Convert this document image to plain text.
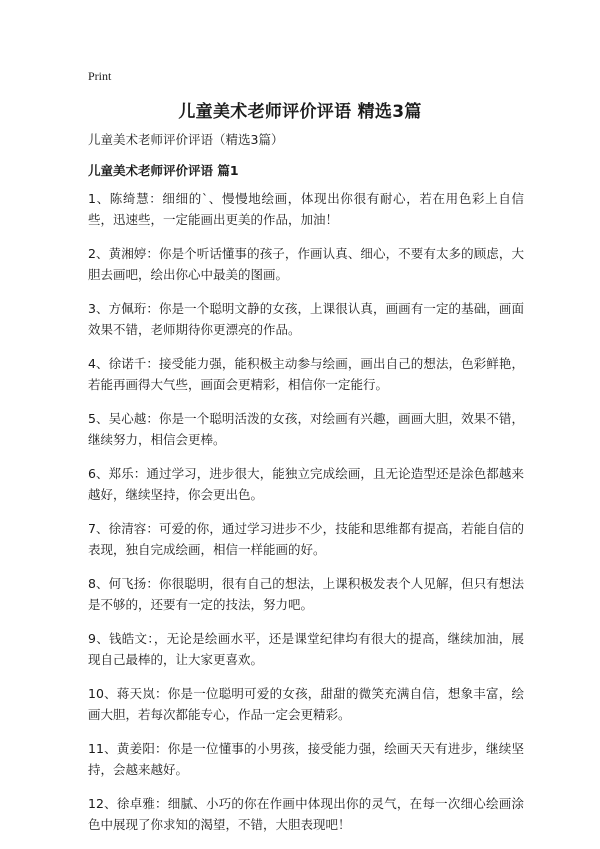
Print
儿童美术老师评价评语 精选3篇

儿童美术老师评价评语（精选3篇）

儿童美术老师评价评语 篇1

1、陈绮慧：细细的`、慢慢地绘画，体现出你很有耐心，若在用色彩上自信些，迅速些，一定能画出更美的作品，加油！

2、黄湘婷：你是个听话懂事的孩子，作画认真、细心，不要有太多的顾虑，大胆去画吧，绘出你心中最美的图画。

3、方佩珩：你是一个聪明文静的女孩，上课很认真，画画有一定的基础，画面效果不错，老师期待你更漂亮的作品。

4、徐诺千：接受能力强，能积极主动参与绘画，画出自己的想法，色彩鲜艳，若能再画得大气些，画面会更精彩，相信你一定能行。

5、吴心越：你是一个聪明活泼的女孩，对绘画有兴趣，画画大胆，效果不错，继续努力，相信会更棒。

6、郑乐：通过学习，进步很大，能独立完成绘画，且无论造型还是涂色都越来越好，继续坚持，你会更出色。

7、徐清容：可爱的你，通过学习进步不少，技能和思维都有提高，若能自信的表现，独自完成绘画，相信一样能画的好。

8、何飞扬：你很聪明，很有自己的想法，上课积极发表个人见解，但只有想法是不够的，还要有一定的技法，努力吧。

9、钱皓文：，无论是绘画水平，还是课堂纪律均有很大的提高，继续加油，展现自己最棒的，让大家更喜欢。

10、蒋天岚：你是一位聪明可爱的女孩，甜甜的微笑充满自信，想象丰富，绘画大胆，若每次都能专心，作品一定会更精彩。

11、黄姜阳：你是一位懂事的小男孩，接受能力强，绘画天天有进步，继续坚持，会越来越好。

12、徐卓雅：细腻、小巧的你在作画中体现出你的灵气，在每一次细心绘画涂色中展现了你求知的渴望，不错，大胆表现吧！
